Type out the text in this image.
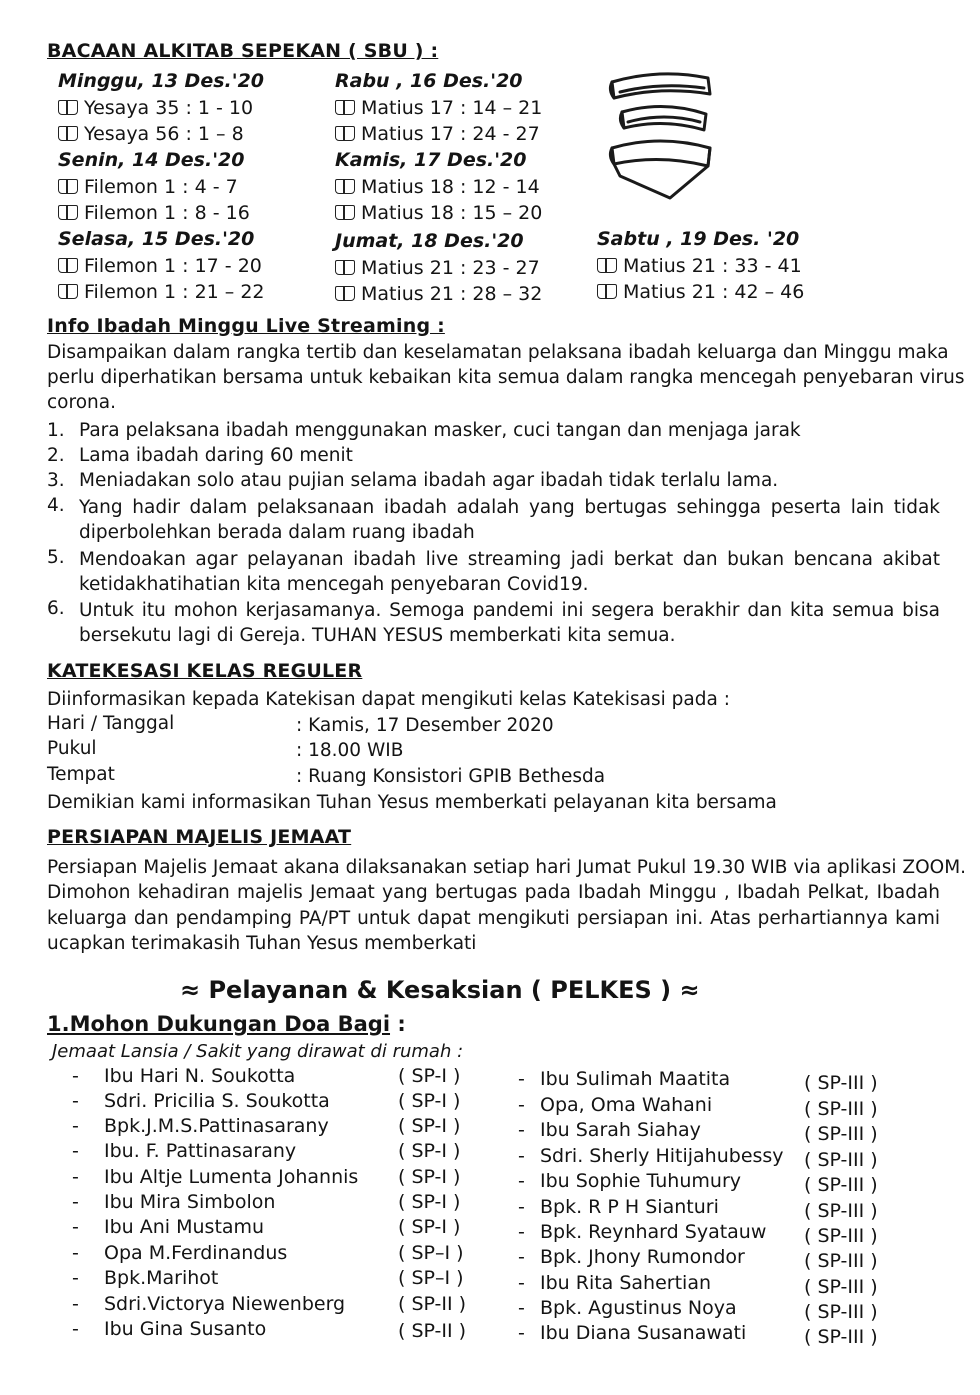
BACAAN ALKITAB SEPEKAN ( SBU ) :
Minggu, 13 Des.'20
Yesaya 35 : 1 - 10
Yesaya 56 : 1 – 8
Rabu , 16 Des.'20
Matius 17 : 14 – 21
Matius 17 : 24 - 27
Senin, 14 Des.'20
Filemon 1 : 4 - 7
Filemon 1 : 8 - 16
Kamis, 17 Des.'20
Matius 18 : 12 - 14
Matius 18 : 15 – 20
Selasa, 15 Des.'20
Filemon 1 : 17 - 20
Filemon 1 : 21 – 22
Jumat, 18 Des.'20
Matius 21 : 23 - 27
Matius 21 : 28 – 32
Sabtu , 19 Des. '20
Matius 21 : 33 - 41
Matius 21 : 42 – 46
Info Ibadah Minggu Live Streaming :
Disampaikan dalam rangka tertib dan keselamatan pelaksana ibadah keluarga dan Minggu maka
perlu diperhatikan bersama untuk kebaikan kita semua dalam rangka mencegah penyebaran virus
corona.
1. Para pelaksana ibadah menggunakan masker, cuci tangan dan menjaga jarak
2. Lama ibadah daring 60 menit
3. Meniadakan solo atau pujian selama ibadah agar ibadah tidak terlalu lama.
4. Yang hadir dalam pelaksanaan ibadah adalah yang bertugas sehingga peserta lain tidak
diperbolehkan berada dalam ruang ibadah
5. Mendoakan agar pelayanan ibadah live streaming jadi berkat dan bukan bencana akibat
ketidakhatihatian kita mencegah penyebaran Covid19.
6. Untuk itu mohon kerjasamanya. Semoga pandemi ini segera berakhir dan kita semua bisa
bersekutu lagi di Gereja. TUHAN YESUS memberkati kita semua.
KATEKESASI KELAS REGULER
Diinformasikan kepada Katekisan dapat mengikuti kelas Katekisasi pada :
Hari / Tanggal	: Kamis, 17 Desember 2020
Pukul	: 18.00 WIB
Tempat	: Ruang Konsistori GPIB Bethesda
Demikian kami informasikan Tuhan Yesus memberkati pelayanan kita bersama
PERSIAPAN MAJELIS JEMAAT
Persiapan Majelis Jemaat akana dilaksanakan setiap hari Jumat Pukul 19.30 WIB via aplikasi ZOOM.
Dimohon kehadiran majelis Jemaat yang bertugas pada Ibadah Minggu , Ibadah Pelkat, Ibadah
keluarga dan pendamping PA/PT untuk dapat mengikuti persiapan ini. Atas perhartiannya kami
ucapkan terimakasih Tuhan Yesus memberkati
≈ Pelayanan & Kesaksian ( PELKES ) ≈
1.Mohon Dukungan Doa Bagi :
Jemaat Lansia / Sakit yang dirawat di rumah :
- Ibu Hari N. Soukotta	( SP-I )
- Sdri. Pricilia S. Soukotta	( SP-I )
- Bpk.J.M.S.Pattinasarany	( SP-I )
- Ibu. F. Pattinasarany	( SP-I )
- Ibu Altje Lumenta Johannis ( SP-I )
- Ibu Mira Simbolon	( SP-I )
- Ibu Ani Mustamu	( SP-I )
- Opa M.Ferdinandus	( SP–I )
- Bpk.Marihot	( SP–I )
- Sdri.Victorya Niewenberg	( SP-II )
- Ibu Gina Susanto	( SP-II )
- Ibu Sulimah Maatita	( SP-III )
- Opa, Oma Wahani	( SP-III )
- Ibu Sarah Siahay	( SP-III )
- Sdri. Sherly Hitijahubessy ( SP-III )
- Ibu Sophie Tuhumury	( SP-III )
- Bpk. R P H Sianturi	( SP-III )
- Bpk. Reynhard Syatauw ( SP-III )
- Bpk. Jhony Rumondor	( SP-III )
- Ibu Rita Sahertian	( SP-III )
- Bpk. Agustinus Noya	( SP-III )
- Ibu Diana Susanawati	( SP-III )
